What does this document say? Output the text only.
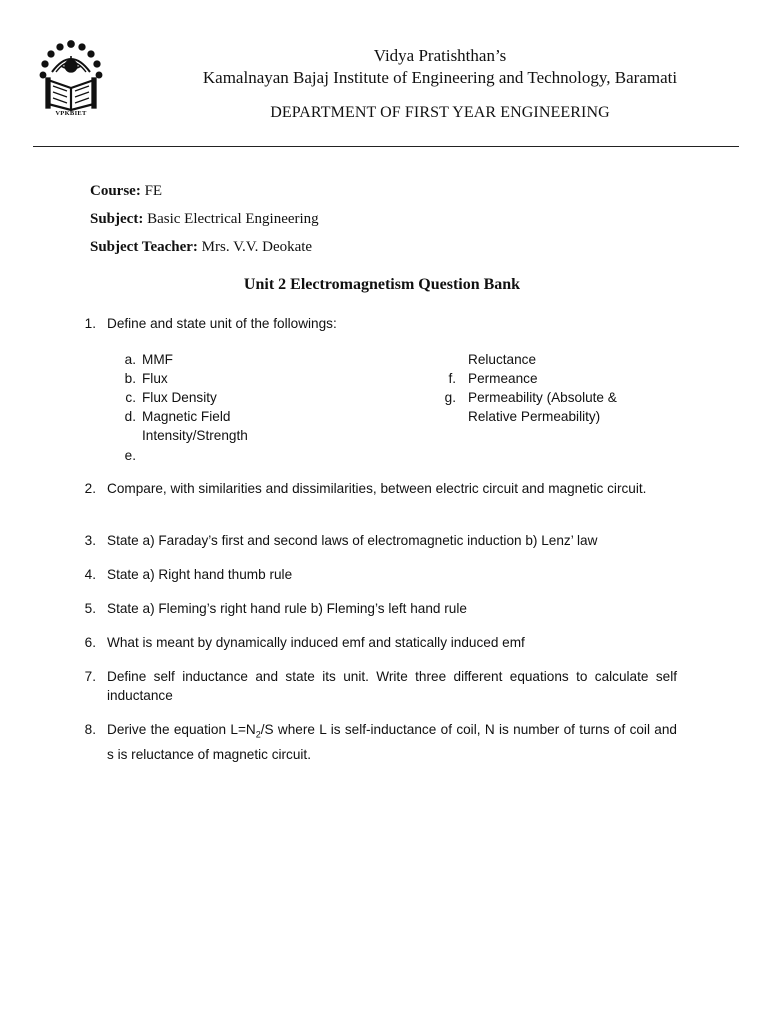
VPKBIET
Vidya Pratishthan’s
Kamalnayan Bajaj Institute of Engineering and Technology, Baramati
DEPARTMENT OF FIRST YEAR ENGINEERING
Course: FE
Subject: Basic Electrical Engineering
Subject Teacher: Mrs. V.V. Deokate
Unit 2 Electromagnetism Question Bank
1. Define and state unit of the followings:
a. MMF
b. Flux
c. Flux Density
d. Magnetic Field
Intensity/Strength
e.
Reluctance
f. Permeance
g. Permeability (Absolute &
Relative Permeability)
2. Compare, with similarities and dissimilarities, between electric circuit and magnetic circuit.
3. State a) Faraday’s first and second laws of electromagnetic induction b) Lenz’ law
4. State a) Right hand thumb rule
5. State a) Fleming’s right hand rule b) Fleming’s left hand rule
6. What is meant by dynamically induced emf and statically induced emf
7. Define self inductance and state its unit. Write three different equations to calculate self inductance
8. Derive the equation $L=N_2/S$ where L is self-inductance of coil, N is number of turns of coil and s is reluctance of magnetic circuit.
